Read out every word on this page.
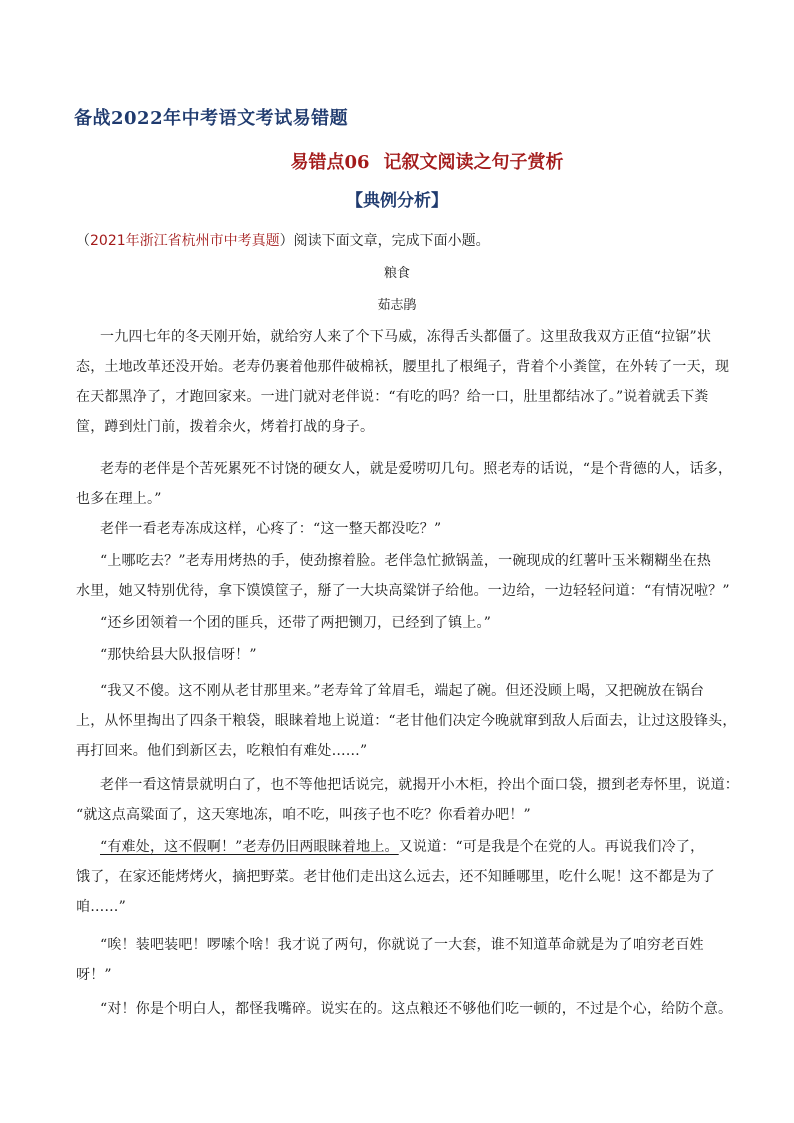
备战2022年中考语文考试易错题
易错点06 记叙文阅读之句子赏析
【典例分析】
（2021年浙江省杭州市中考真题）阅读下面文章，完成下面小题。
粮食
茹志鹃
一九四七年的冬天刚开始，就给穷人来了个下马威，冻得舌头都僵了。这里敌我双方正值“拉锯”状
态，土地改革还没开始。老寿仍裹着他那件破棉袄，腰里扎了根绳子，背着个小粪筐，在外转了一天，现
在天都黑净了，才跑回家来。一进门就对老伴说：“有吃的吗？给一口，肚里都结冰了。”说着就丢下粪
筐，蹲到灶门前，拨着余火，烤着打战的身子。
老寿的老伴是个苦死累死不讨饶的硬女人，就是爱唠叨几句。照老寿的话说，“是个背德的人，话多，
也多在理上。”
老伴一看老寿冻成这样，心疼了：“这一整天都没吃？”
“上哪吃去？”老寿用烤热的手，使劲擦着脸。老伴急忙掀锅盖，一碗现成的红薯叶玉米糊糊坐在热
水里，她又特别优待，拿下馍馍筐子，掰了一大块高粱饼子给他。一边给，一边轻轻问道：“有情况啦？”
“还乡团领着一个团的匪兵，还带了两把铡刀，已经到了镇上。”
“那快给县大队报信呀！”
“我又不傻。这不刚从老甘那里来。”老寿耸了耸眉毛，端起了碗。但还没顾上喝，又把碗放在锅台
上，从怀里掏出了四条干粮袋，眼睐着地上说道：“老甘他们决定今晚就窜到敌人后面去，让过这股锋头，
再打回来。他们到新区去，吃粮怕有难处……”
老伴一看这情景就明白了，也不等他把话说完，就揭开小木柜，拎出个面口袋，掼到老寿怀里，说道：
“就这点高粱面了，这天寒地冻，咱不吃，叫孩子也不吃？你看着办吧！”
“有难处，这不假啊！”老寿仍旧两眼睐着地上。又说道：“可是我是个在党的人。再说我们冷了，
饿了，在家还能烤烤火，摘把野菜。老甘他们走出这么远去，还不知睡哪里，吃什么呢！这不都是为了
咱……”
“唉！装吧装吧！啰嗦个啥！我才说了两句，你就说了一大套，谁不知道革命就是为了咱穷老百姓
呀！”
“对！你是个明白人，都怪我嘴碎。说实在的。这点粮还不够他们吃一顿的，不过是个心，给防个意。
